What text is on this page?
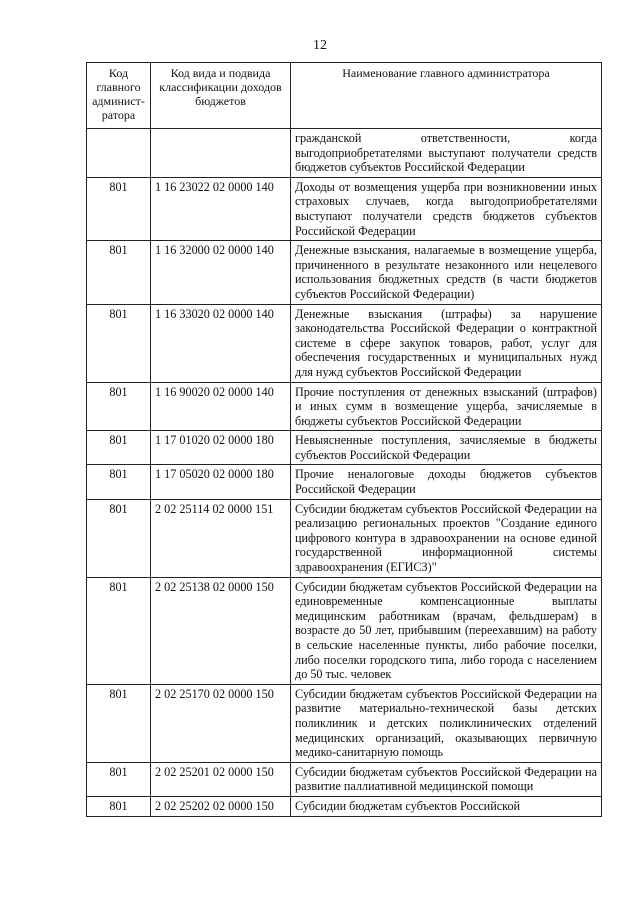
12
Код главного админист-ратора	Код вида и подвида классификации доходов бюджетов	Наименование главного администратора
		гражданской ответственности, когда выгодоприобретателями выступают получатели средств бюджетов субъектов Российской Федерации
801	1 16 23022 02 0000 140	Доходы от возмещения ущерба при возникновении иных страховых случаев, когда выгодоприобретателями выступают получатели средств бюджетов субъектов Российской Федерации
801	1 16 32000 02 0000 140	Денежные взыскания, налагаемые в возмещение ущерба, причиненного в результате незаконного или нецелевого использования бюджетных средств (в части бюджетов субъектов Российской Федерации)
801	1 16 33020 02 0000 140	Денежные взыскания (штрафы) за нарушение законодательства Российской Федерации о контрактной системе в сфере закупок товаров, работ, услуг для обеспечения государственных и муниципальных нужд для нужд субъектов Российской Федерации
801	1 16 90020 02 0000 140	Прочие поступления от денежных взысканий (штрафов) и иных сумм в возмещение ущерба, зачисляемые в бюджеты субъектов Российской Федерации
801	1 17 01020 02 0000 180	Невыясненные поступления, зачисляемые в бюджеты субъектов Российской Федерации
801	1 17 05020 02 0000 180	Прочие неналоговые доходы бюджетов субъектов Российской Федерации
801	2 02 25114 02 0000 151	Субсидии бюджетам субъектов Российской Федерации на реализацию региональных проектов "Создание единого цифрового контура в здравоохранении на основе единой государственной информационной системы здравоохранения (ЕГИСЗ)"
801	2 02 25138 02 0000 150	Субсидии бюджетам субъектов Российской Федерации на единовременные компенсационные выплаты медицинским работникам (врачам, фельдшерам) в возрасте до 50 лет, прибывшим (переехавшим) на работу в сельские населенные пункты, либо рабочие поселки, либо поселки городского типа, либо города с населением до 50 тыс. человек
801	2 02 25170 02 0000 150	Субсидии бюджетам субъектов Российской Федерации на развитие материально-технической базы детских поликлиник и детских поликлинических отделений медицинских организаций, оказывающих первичную медико-санитарную помощь
801	2 02 25201 02 0000 150	Субсидии бюджетам субъектов Российской Федерации на развитие паллиативной медицинской помощи
801	2 02 25202 02 0000 150	Субсидии бюджетам субъектов Российской
